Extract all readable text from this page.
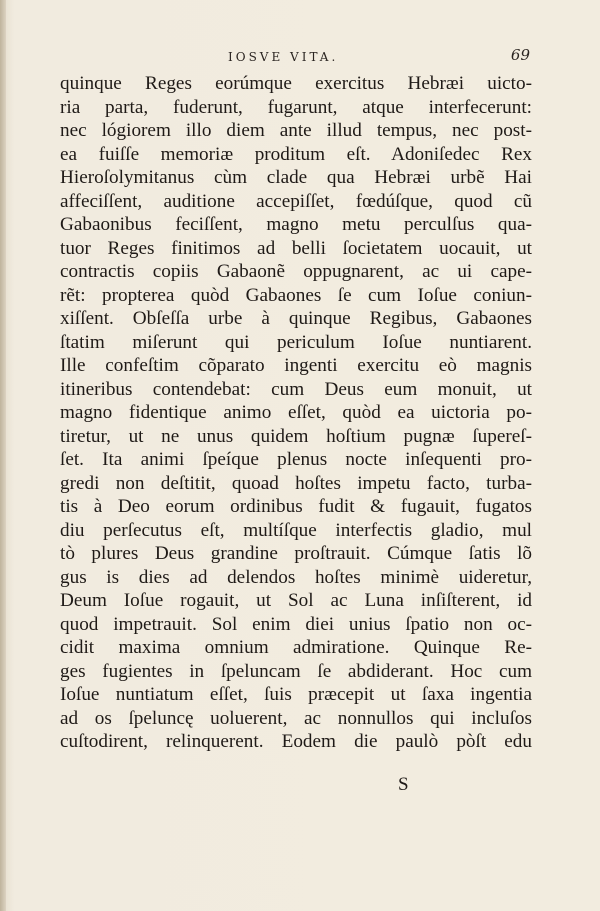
IOSVE VITA.	69
quinque Reges eorúmque exercitus Hebræi uicto-
ria parta, fuderunt, fugarunt, atque interfecerunt:
nec lógiorem illo diem ante illud tempus, nec post-
ea fuiſſe memoriæ proditum eſt. Adoniſedec Rex
Hieroſolymitanus cùm clade qua Hebræi urbẽ Hai
affeciſſent, auditione accepiſſet, fœdúſque, quod cũ
Gabaonibus feciſſent, magno metu perculſus qua-
tuor Reges finitimos ad belli ſocietatem uocauit, ut
contractis copiis Gabaonẽ oppugnarent, ac ui cape-
rẽt: propterea quòd Gabaones ſe cum Ioſue coniun-
xiſſent. Obſeſſa urbe à quinque Regibus, Gabaones
ſtatim miſerunt qui periculum Ioſue nuntiarent.
Ille confeſtim cõparato ingenti exercitu eò magnis
itineribus contendebat: cum Deus eum monuit, ut
magno fidentique animo eſſet, quòd ea uictoria po-
tiretur, ut ne unus quidem hoſtium pugnæ ſupereſ-
ſet. Ita animi ſpeíque plenus nocte inſequenti pro-
gredi non deſtitit, quoad hoſtes impetu facto, turba-
tis à Deo eorum ordinibus fudit & fugauit, fugatos
diu perſecutus eſt, multíſque interfectis gladio, mul
tò plures Deus grandine proſtrauit. Cúmque ſatis lõ
gus is dies ad delendos hoſtes minimè uideretur,
Deum Ioſue rogauit, ut Sol ac Luna inſiſterent, id
quod impetrauit. Sol enim diei unius ſpatio non oc-
cidit maxima omnium admiratione. Quinque Re-
ges fugientes in ſpeluncam ſe abdiderant. Hoc cum
Ioſue nuntiatum eſſet, ſuis præcepit ut ſaxa ingentia
ad os ſpeluncę uoluerent, ac nonnullos qui incluſos
cuſtodirent, relinquerent. Eodem die paulò pòſt edu
S
